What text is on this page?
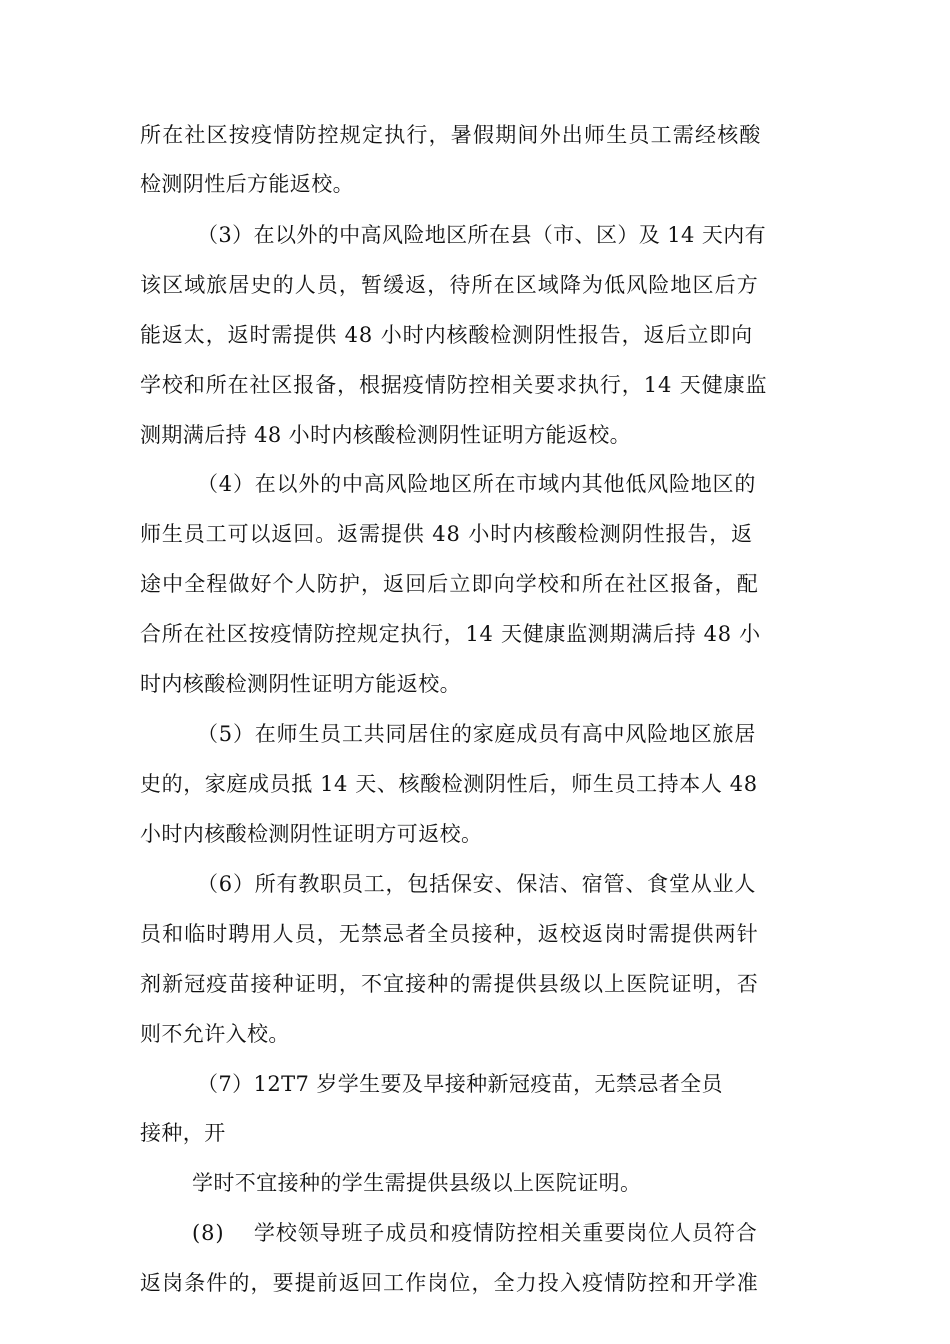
所在社区按疫情防控规定执行，暑假期间外出师生员工需经核酸
检测阴性后方能返校。
（3）在以外的中高风险地区所在县（市、区）及 14 天内有
该区域旅居史的人员，暂缓返，待所在区域降为低风险地区后方
能返太，返时需提供 48 小时内核酸检测阴性报告，返后立即向
学校和所在社区报备，根据疫情防控相关要求执行，14 天健康监
测期满后持 48 小时内核酸检测阴性证明方能返校。
（4）在以外的中高风险地区所在市域内其他低风险地区的
师生员工可以返回。返需提供 48 小时内核酸检测阴性报告，返
途中全程做好个人防护，返回后立即向学校和所在社区报备，配
合所在社区按疫情防控规定执行，14 天健康监测期满后持 48 小
时内核酸检测阴性证明方能返校。
（5）在师生员工共同居住的家庭成员有高中风险地区旅居
史的，家庭成员抵 14 天、核酸检测阴性后，师生员工持本人 48
小时内核酸检测阴性证明方可返校。
（6）所有教职员工，包括保安、保洁、宿管、食堂从业人
员和临时聘用人员，无禁忌者全员接种，返校返岗时需提供两针
剂新冠疫苗接种证明，不宜接种的需提供县级以上医院证明，否
则不允许入校。
（7）12T7 岁学生要及早接种新冠疫苗，无禁忌者全员
接种，开
学时不宜接种的学生需提供县级以上医院证明。
(8)　 学校领导班子成员和疫情防控相关重要岗位人员符合
返岗条件的，要提前返回工作岗位，全力投入疫情防控和开学准
